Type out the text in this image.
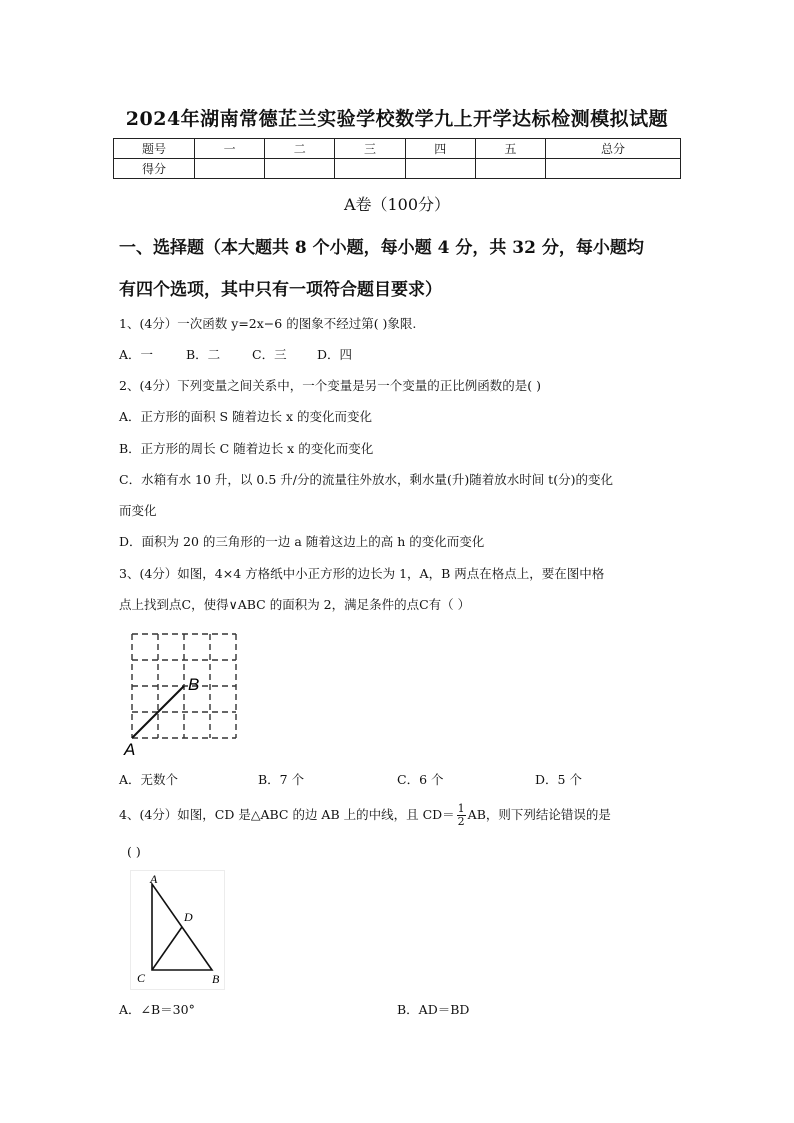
2024年湖南常德芷兰实验学校数学九上开学达标检测模拟试题
题号	一	二	三	四	五	总分
得分						
A卷（100分）
一、选择题（本大题共 8 个小题，每小题 4 分，共 32 分，每小题均
有四个选项，其中只有一项符合题目要求）
1、(4分）一次函数 y=2x−6 的图象不经过第( )象限.
A．一	B．二	C．三 D．四
2、(4分）下列变量之间关系中，一个变量是另一个变量的正比例函数的是( )
A．正方形的面积 S 随着边长 x 的变化而变化
B．正方形的周长 C 随着边长 x 的变化而变化
C．水箱有水 10 升，以 0.5 升/分的流量往外放水，剩水量(升)随着放水时间 t(分)的变化
而变化
D．面积为 20 的三角形的一边 a 随着这边上的高 h 的变化而变化
3、(4分）如图，4×4 方格纸中小正方形的边长为 1，A，B 两点在格点上，要在图中格
点上找到点C，使得∨ABC 的面积为 2，满足条件的点C有（ ）
A
B
A．无数个	B．7 个	C．6 个	D．5 个
4、(4分）如图，CD 是△ABC 的边 AB 上的中线，且 $CD= \frac{1}{2}$ AB，则下列结论错误的是
( )
A
D
C	B
A．∠B＝30°	B．AD＝BD
